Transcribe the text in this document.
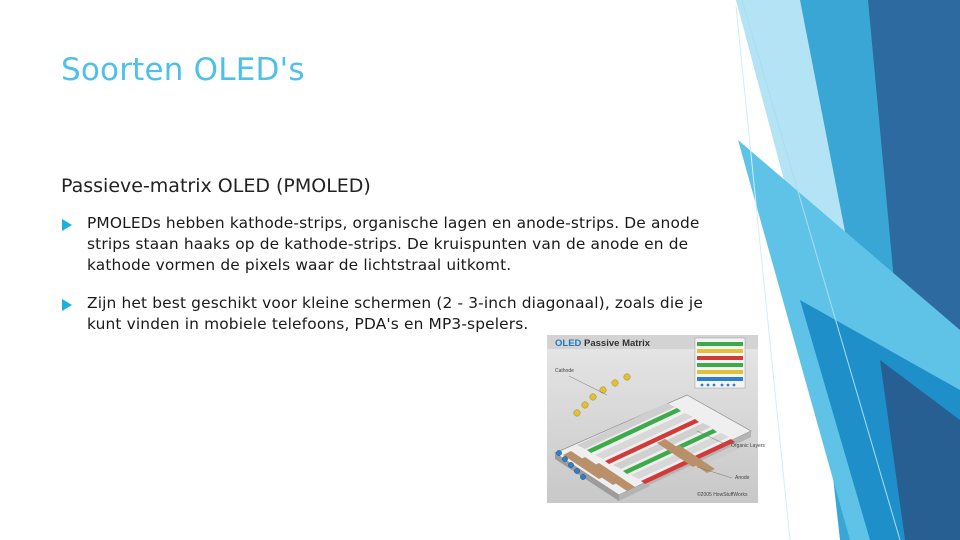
Soorten OLED's
Passieve-matrix OLED (PMOLED)
PMOLEDs hebben kathode-strips, organische lagen en anode-strips. De anode strips staan haaks op de kathode-strips. De kruispunten van de anode en de kathode vormen de pixels waar de lichtstraal uitkomt.
Zijn het best geschikt voor kleine schermen (2 - 3-inch diagonaal), zoals die je kunt vinden in mobiele telefoons, PDA's en MP3-spelers.
OLED Passive Matrix
Cathode
Organic Layers
Anode
©2005 HowStuffWorks
